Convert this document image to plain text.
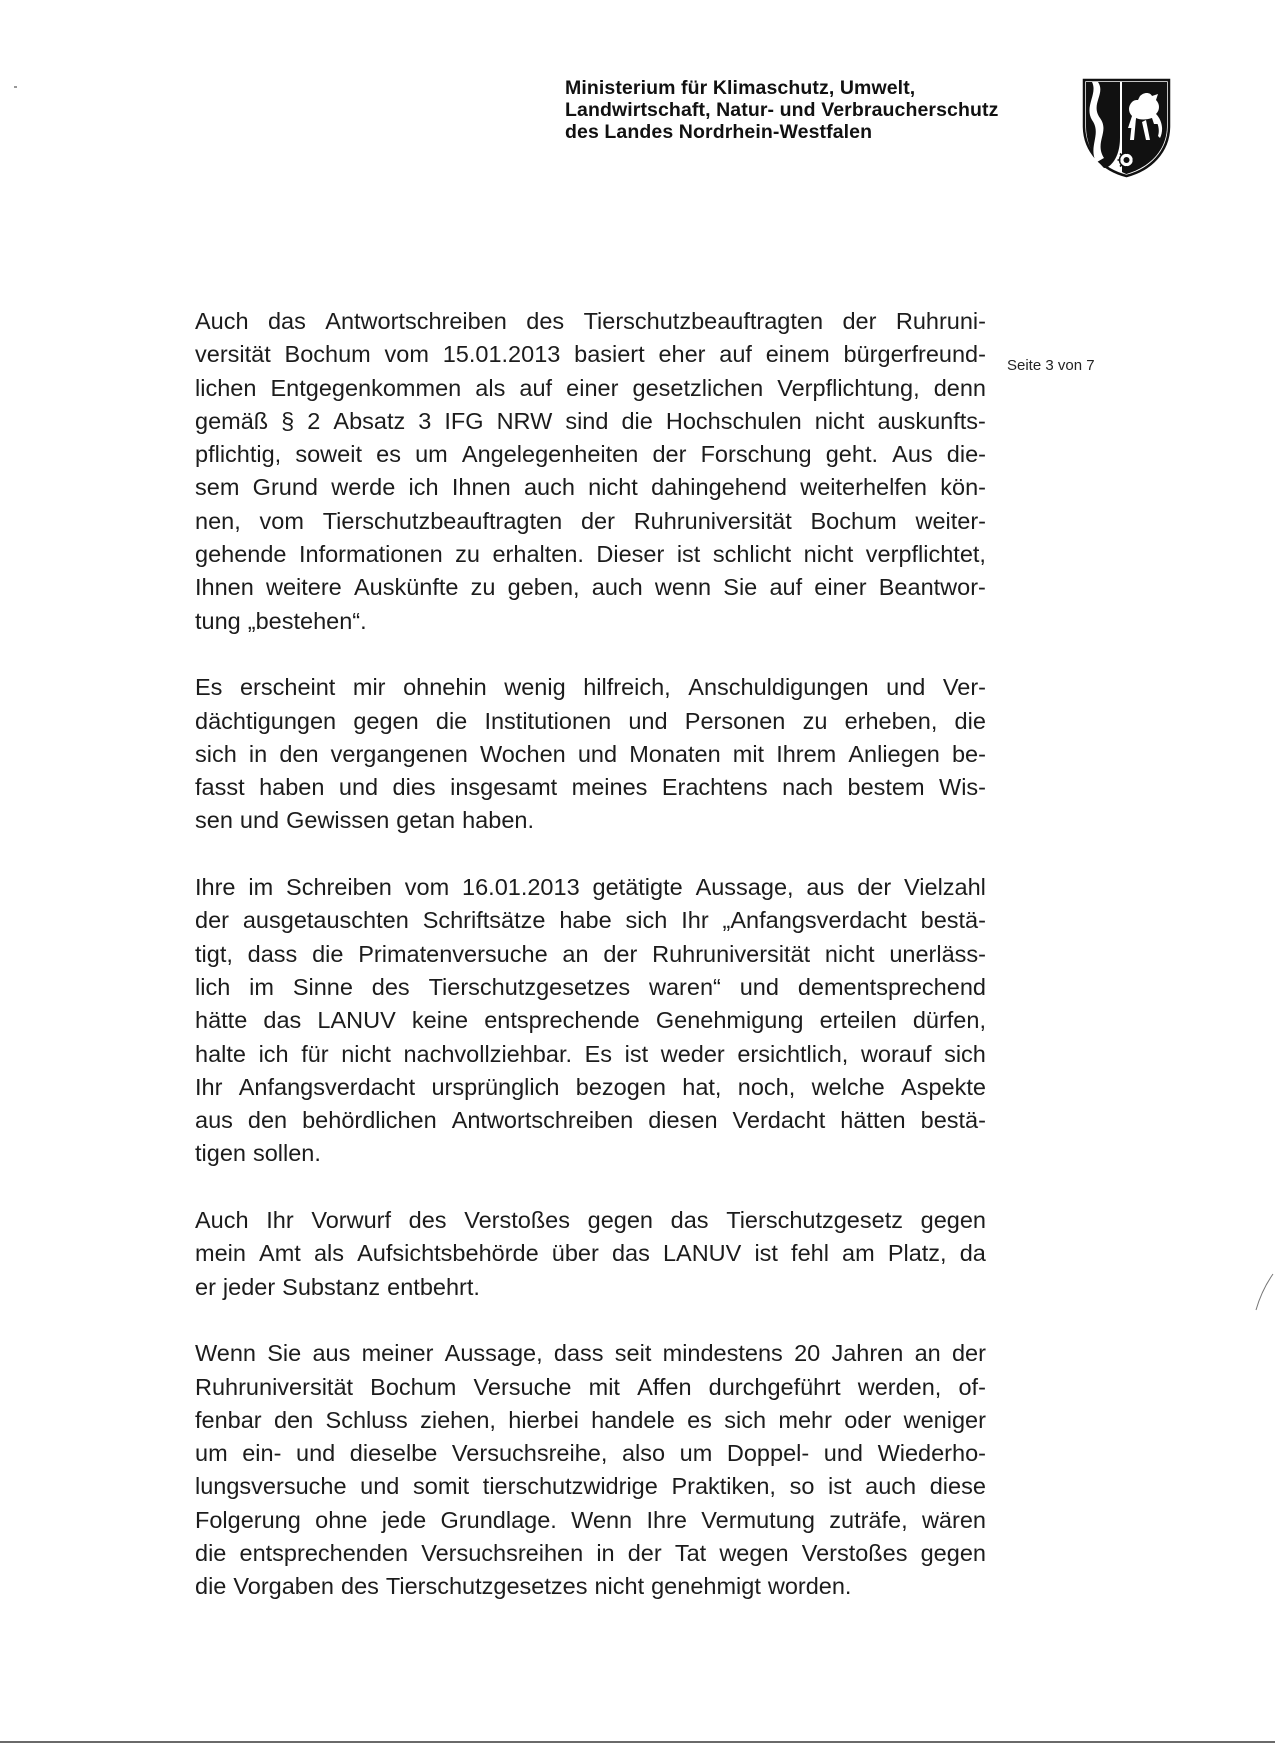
Ministerium für Klimaschutz, Umwelt,
Landwirtschaft, Natur- und Verbraucherschutz
des Landes Nordrhein-Westfalen
Seite 3 von 7
Auch das Antwortschreiben des Tierschutzbeauftragten der Ruhruni-
versität Bochum vom 15.01.2013 basiert eher auf einem bürgerfreund-
lichen Entgegenkommen als auf einer gesetzlichen Verpflichtung, denn
gemäß § 2 Absatz 3 IFG NRW sind die Hochschulen nicht auskunfts-
pflichtig, soweit es um Angelegenheiten der Forschung geht. Aus die-
sem Grund werde ich Ihnen auch nicht dahingehend weiterhelfen kön-
nen, vom Tierschutzbeauftragten der Ruhruniversität Bochum weiter-
gehende Informationen zu erhalten. Dieser ist schlicht nicht verpflichtet,
Ihnen weitere Auskünfte zu geben, auch wenn Sie auf einer Beantwor-
tung „bestehen“.
Es erscheint mir ohnehin wenig hilfreich, Anschuldigungen und Ver-
dächtigungen gegen die Institutionen und Personen zu erheben, die
sich in den vergangenen Wochen und Monaten mit Ihrem Anliegen be-
fasst haben und dies insgesamt meines Erachtens nach bestem Wis-
sen und Gewissen getan haben.
Ihre im Schreiben vom 16.01.2013 getätigte Aussage, aus der Vielzahl
der ausgetauschten Schriftsätze habe sich Ihr „Anfangsverdacht bestä-
tigt, dass die Primatenversuche an der Ruhruniversität nicht unerläss-
lich im Sinne des Tierschutzgesetzes waren“ und dementsprechend
hätte das LANUV keine entsprechende Genehmigung erteilen dürfen,
halte ich für nicht nachvollziehbar. Es ist weder ersichtlich, worauf sich
Ihr Anfangsverdacht ursprünglich bezogen hat, noch, welche Aspekte
aus den behördlichen Antwortschreiben diesen Verdacht hätten bestä-
tigen sollen.
Auch Ihr Vorwurf des Verstoßes gegen das Tierschutzgesetz gegen
mein Amt als Aufsichtsbehörde über das LANUV ist fehl am Platz, da
er jeder Substanz entbehrt.
Wenn Sie aus meiner Aussage, dass seit mindestens 20 Jahren an der
Ruhruniversität Bochum Versuche mit Affen durchgeführt werden, of-
fenbar den Schluss ziehen, hierbei handele es sich mehr oder weniger
um ein- und dieselbe Versuchsreihe, also um Doppel- und Wiederho-
lungsversuche und somit tierschutzwidrige Praktiken, so ist auch diese
Folgerung ohne jede Grundlage. Wenn Ihre Vermutung zuträfe, wären
die entsprechenden Versuchsreihen in der Tat wegen Verstoßes gegen
die Vorgaben des Tierschutzgesetzes nicht genehmigt worden.
